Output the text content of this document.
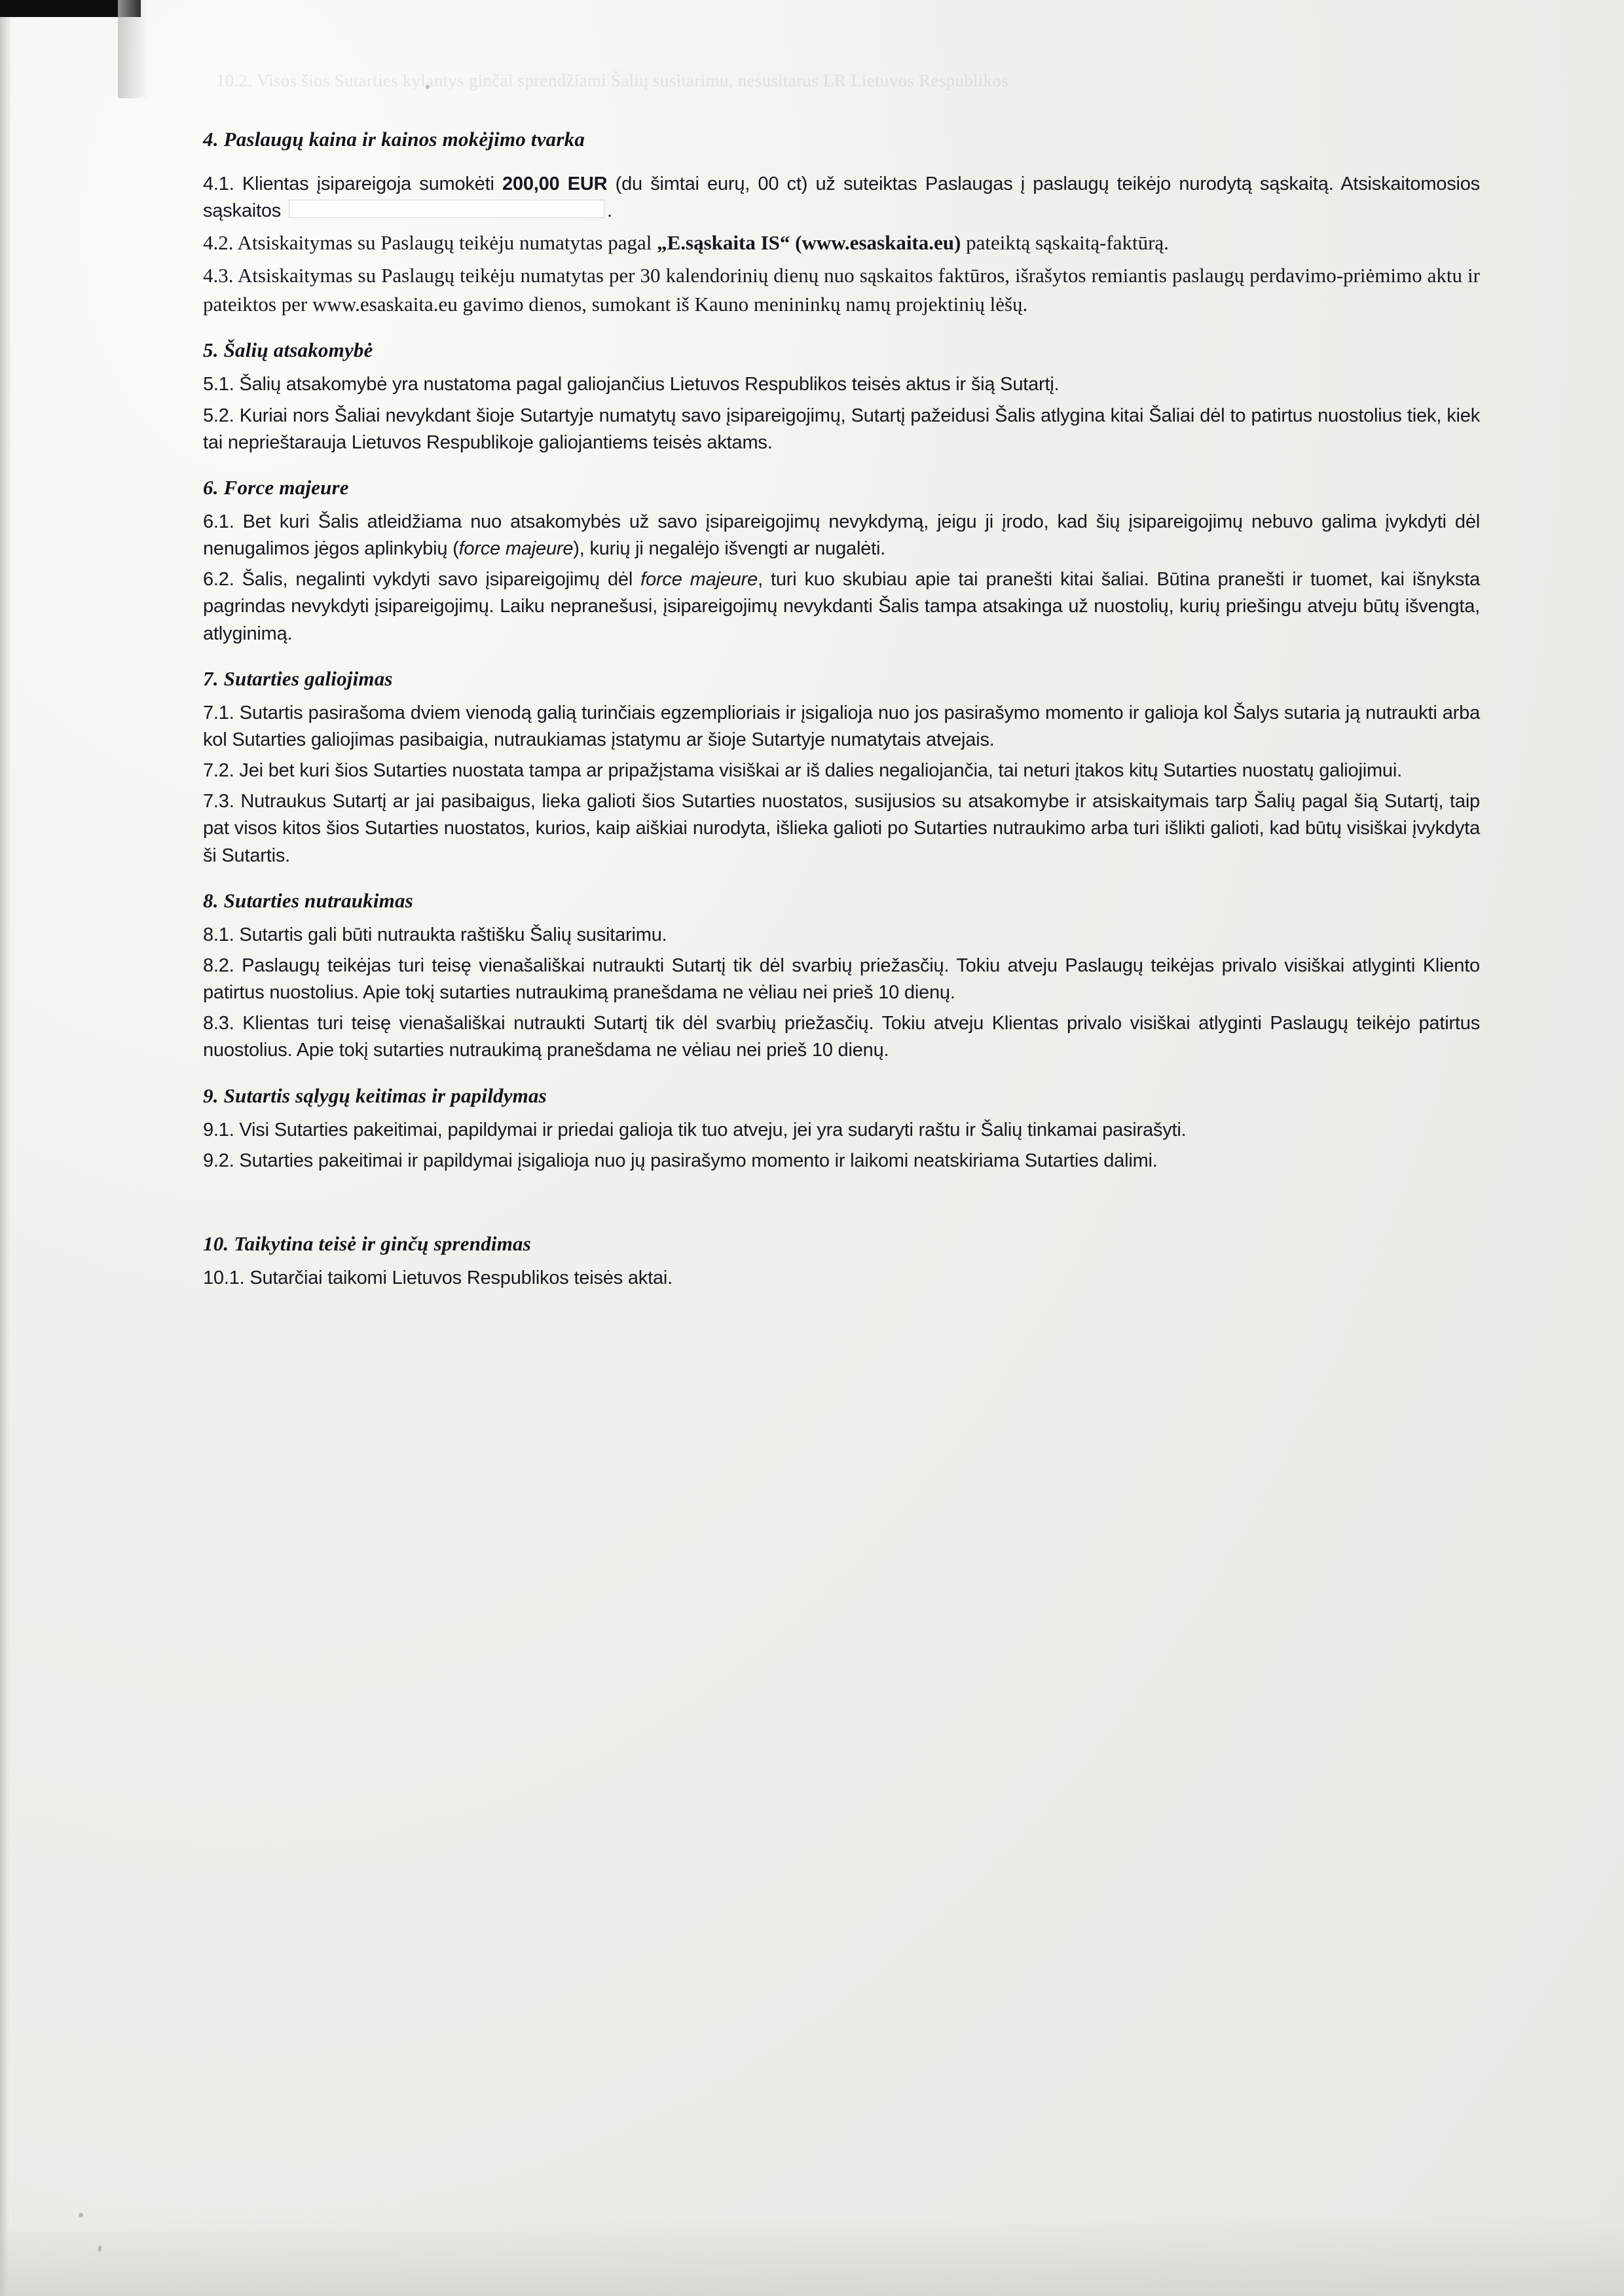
10.2. Visos šios Sutarties kylantys ginčai sprendžiami Šalių susitarimu, nesusitarus LR Lietuvos Respublikos
4. Paslaugų kaina ir kainos mokėjimo tvarka

4.1. Klientas įsipareigoja sumokėti 200,00 EUR (du šimtai eurų, 00 ct) už suteiktas Paslaugas į paslaugų teikėjo nurodytą sąskaitą. Atsiskaitomosios sąskaitos	.

4.2. Atsiskaitymas su Paslaugų teikėju numatytas pagal „E.sąskaita IS“ (www.esaskaita.eu) pateiktą sąskaitą-faktūrą.

4.3. Atsiskaitymas su Paslaugų teikėju numatytas per 30 kalendorinių dienų nuo sąskaitos faktūros, išrašytos remiantis paslaugų perdavimo-priėmimo aktu ir pateiktos per www.esaskaita.eu gavimo dienos, sumokant iš Kauno menininkų namų projektinių lėšų.

5. Šalių atsakomybė

5.1. Šalių atsakomybė yra nustatoma pagal galiojančius Lietuvos Respublikos teisės aktus ir šią Sutartį.

5.2. Kuriai nors Šaliai nevykdant šioje Sutartyje numatytų savo įsipareigojimų, Sutartį pažeidusi Šalis atlygina kitai Šaliai dėl to patirtus nuostolius tiek, kiek tai neprieštarauja Lietuvos Respublikoje galiojantiems teisės aktams.

6. Force majeure

6.1. Bet kuri Šalis atleidžiama nuo atsakomybės už savo įsipareigojimų nevykdymą, jeigu ji įrodo, kad šių įsipareigojimų nebuvo galima įvykdyti dėl nenugalimos jėgos aplinkybių (force majeure), kurių ji negalėjo išvengti ar nugalėti.

6.2. Šalis, negalinti vykdyti savo įsipareigojimų dėl force majeure, turi kuo skubiau apie tai pranešti kitai šaliai. Būtina pranešti ir tuomet, kai išnyksta pagrindas nevykdyti įsipareigojimų. Laiku nepranešusi, įsipareigojimų nevykdanti Šalis tampa atsakinga už nuostolių, kurių priešingu atveju būtų išvengta, atlyginimą.

7. Sutarties galiojimas

7.1. Sutartis pasirašoma dviem vienodą galią turinčiais egzemplioriais ir įsigalioja nuo jos pasirašymo momento ir galioja kol Šalys sutaria ją nutraukti arba kol Sutarties galiojimas pasibaigia, nutraukiamas įstatymu ar šioje Sutartyje numatytais atvejais.

7.2. Jei bet kuri šios Sutarties nuostata tampa ar pripažįstama visiškai ar iš dalies negaliojančia, tai neturi įtakos kitų Sutarties nuostatų galiojimui.

7.3. Nutraukus Sutartį ar jai pasibaigus, lieka galioti šios Sutarties nuostatos, susijusios su atsakomybe ir atsiskaitymais tarp Šalių pagal šią Sutartį, taip pat visos kitos šios Sutarties nuostatos, kurios, kaip aiškiai nurodyta, išlieka galioti po Sutarties nutraukimo arba turi išlikti galioti, kad būtų visiškai įvykdyta ši Sutartis.

8. Sutarties nutraukimas

8.1. Sutartis gali būti nutraukta raštišku Šalių susitarimu.

8.2. Paslaugų teikėjas turi teisę vienašališkai nutraukti Sutartį tik dėl svarbių priežasčių. Tokiu atveju Paslaugų teikėjas privalo visiškai atlyginti Kliento patirtus nuostolius. Apie tokį sutarties nutraukimą pranešdama ne vėliau nei prieš 10 dienų.

8.3. Klientas turi teisę vienašališkai nutraukti Sutartį tik dėl svarbių priežasčių. Tokiu atveju Klientas privalo visiškai atlyginti Paslaugų teikėjo patirtus nuostolius. Apie tokį sutarties nutraukimą pranešdama ne vėliau nei prieš 10 dienų.

9. Sutartis sąlygų keitimas ir papildymas

9.1. Visi Sutarties pakeitimai, papildymai ir priedai galioja tik tuo atveju, jei yra sudaryti raštu ir Šalių tinkamai pasirašyti.

9.2. Sutarties pakeitimai ir papildymai įsigalioja nuo jų pasirašymo momento ir laikomi neatskiriama Sutarties dalimi.

10. Taikytina teisė ir ginčų sprendimas

10.1. Sutarčiai taikomi Lietuvos Respublikos teisės aktai.
